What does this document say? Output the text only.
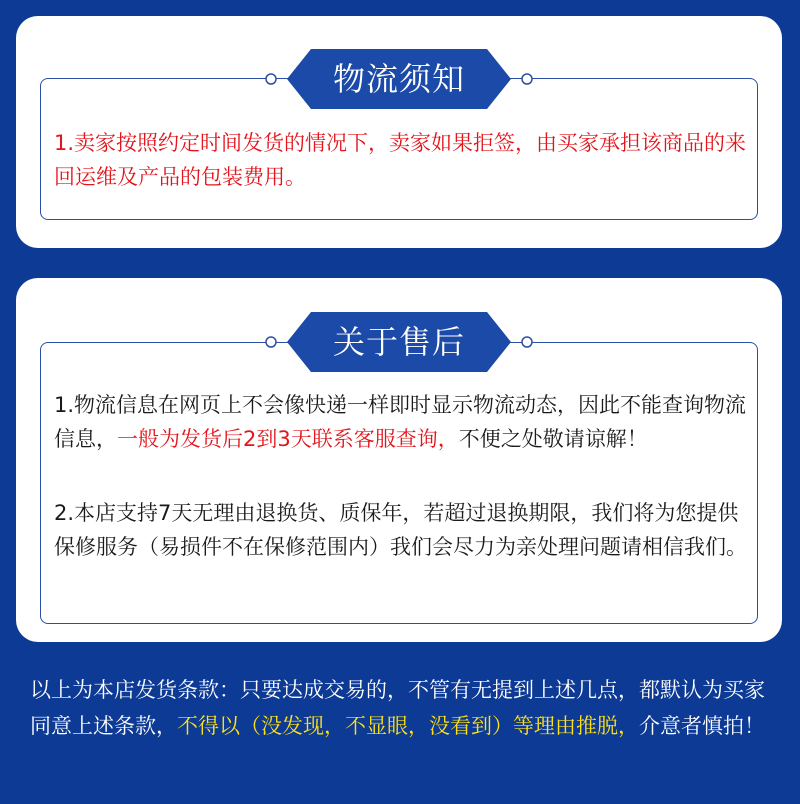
物流须知
1.卖家按照约定时间发货的情况下，卖家如果拒签，由买家承担该商品的来回运维及产品的包装费用。
关于售后
1.物流信息在网页上不会像快递一样即时显示物流动态，因此不能查询物流信息，一般为发货后2到3天联系客服查询，不便之处敬请谅解！
2.本店支持7天无理由退换货、质保年，若超过退换期限，我们将为您提供保修服务（易损件不在保修范围内）我们会尽力为亲处理问题请相信我们。
以上为本店发货条款：只要达成交易的，不管有无提到上述几点，都默认为买家同意上述条款，不得以（没发现，不显眼，没看到）等理由推脱，介意者慎拍！
